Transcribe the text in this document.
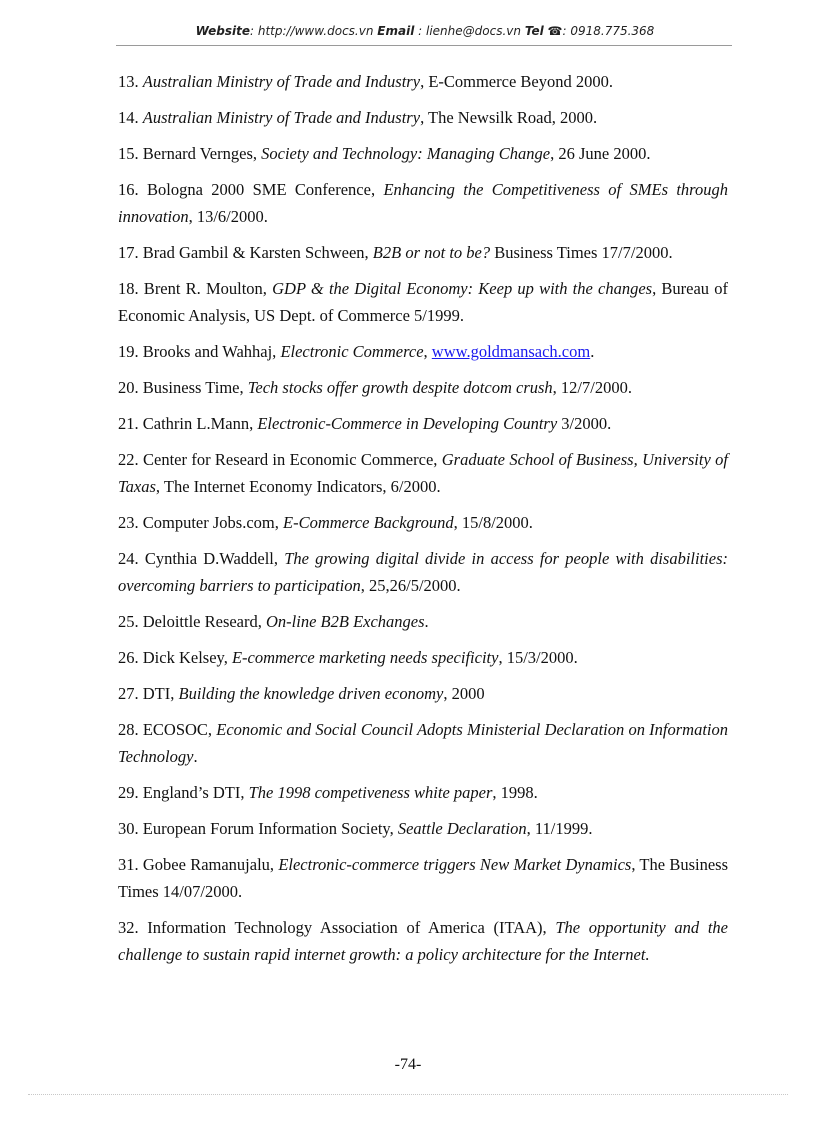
Website: http://www.docs.vn Email : lienhe@docs.vn Tel ☎: 0918.775.368

13. Australian Ministry of Trade and Industry, E-Commerce Beyond 2000.

14. Australian Ministry of Trade and Industry, The Newsilk Road, 2000.

15. Bernard Vernges, Society and Technology: Managing Change, 26 June 2000.

16. Bologna 2000 SME Conference, Enhancing the Competitiveness of SMEs through innovation, 13/6/2000.

17. Brad Gambil & Karsten Schween, B2B or not to be? Business Times 17/7/2000.

18. Brent R. Moulton, GDP & the Digital Economy: Keep up with the changes, Bureau of Economic Analysis, US Dept. of Commerce 5/1999.

19. Brooks and Wahhaj, Electronic Commerce, www.goldmansach.com.

20. Business Time, Tech stocks offer growth despite dotcom crush, 12/7/2000.

21. Cathrin L.Mann, Electronic-Commerce in Developing Country 3/2000.

22. Center for Researd in Economic Commerce, Graduate School of Business, University of Taxas, The Internet Economy Indicators, 6/2000.

23. Computer Jobs.com, E-Commerce Background, 15/8/2000.

24. Cynthia D.Waddell, The growing digital divide in access for people with disabilities: overcoming barriers to participation, 25,26/5/2000.

25. Deloittle Researd, On-line B2B Exchanges.

26. Dick Kelsey, E-commerce marketing needs specificity, 15/3/2000.

27. DTI, Building the knowledge driven economy, 2000

28. ECOSOC, Economic and Social Council Adopts Ministerial Declaration on Information Technology.

29. England’s DTI, The 1998 competiveness white paper, 1998.

30. European Forum Information Society, Seattle Declaration, 11/1999.

31. Gobee Ramanujalu, Electronic-commerce triggers New Market Dynamics, The Business Times 14/07/2000.

32. Information Technology Association of America (ITAA), The opportunity and the challenge to sustain rapid internet growth: a policy architecture for the Internet.

-74-
